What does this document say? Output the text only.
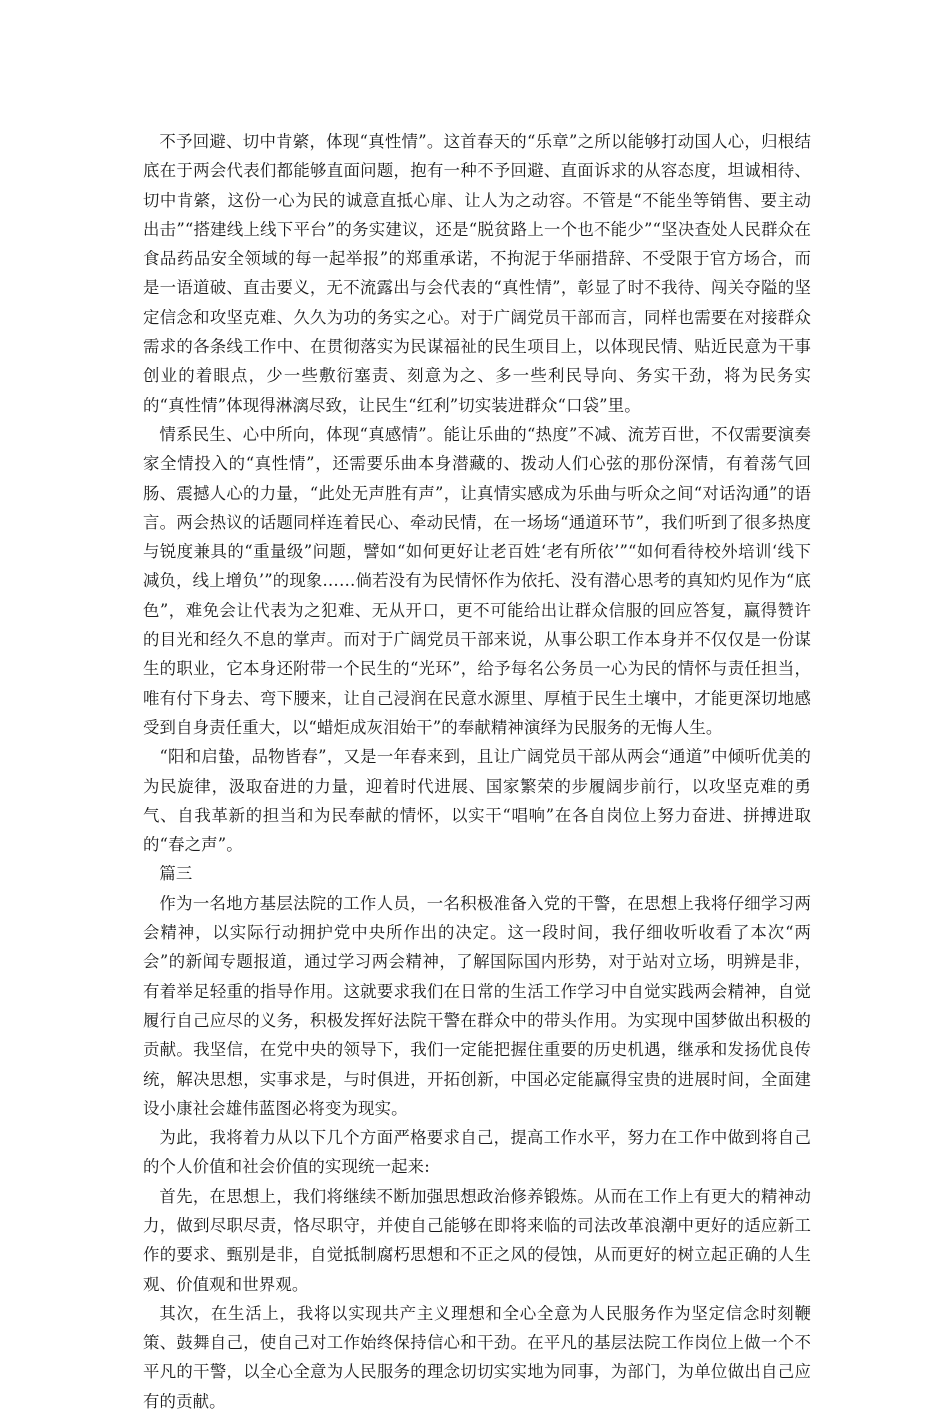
不予回避、切中肯綮，体现“真性情”。这首春天的“乐章”之所以能够打动国人心，归根结底在于两会代表们都能够直面问题，抱有一种不予回避、直面诉求的从容态度，坦诚相待、切中肯綮，这份一心为民的诚意直抵心扉、让人为之动容。不管是“不能坐等销售、要主动出击”“搭建线上线下平台”的务实建议，还是“脱贫路上一个也不能少”“坚决查处人民群众在食品药品安全领域的每一起举报”的郑重承诺，不拘泥于华丽措辞、不受限于官方场合，而是一语道破、直击要义，无不流露出与会代表的“真性情”，彰显了时不我待、闯关夺隘的坚定信念和攻坚克难、久久为功的务实之心。对于广阔党员干部而言，同样也需要在对接群众需求的各条线工作中、在贯彻落实为民谋福祉的民生项目上，以体现民情、贴近民意为干事创业的着眼点，少一些敷衍塞责、刻意为之、多一些利民导向、务实干劲，将为民务实的“真性情”体现得淋漓尽致，让民生“红利”切实装进群众“口袋”里。

情系民生、心中所向，体现“真感情”。能让乐曲的“热度”不减、流芳百世，不仅需要演奏家全情投入的“真性情”，还需要乐曲本身潜藏的、拨动人们心弦的那份深情，有着荡气回肠、震撼人心的力量，“此处无声胜有声”，让真情实感成为乐曲与听众之间“对话沟通”的语言。两会热议的话题同样连着民心、牵动民情，在一场场“通道环节”，我们听到了很多热度与锐度兼具的“重量级”问题，譬如“如何更好让老百姓‘老有所依’”“如何看待校外培训‘线下减负，线上增负’”的现象……倘若没有为民情怀作为依托、没有潜心思考的真知灼见作为“底色”，难免会让代表为之犯难、无从开口，更不可能给出让群众信服的回应答复，赢得赞许的目光和经久不息的掌声。而对于广阔党员干部来说，从事公职工作本身并不仅仅是一份谋生的职业，它本身还附带一个民生的“光环”，给予每名公务员一心为民的情怀与责任担当，唯有付下身去、弯下腰来，让自己浸润在民意水源里、厚植于民生土壤中，才能更深切地感受到自身责任重大，以“蜡炬成灰泪始干”的奉献精神演绎为民服务的无悔人生。

“阳和启蛰，品物皆春”，又是一年春来到，且让广阔党员干部从两会“通道”中倾听优美的为民旋律，汲取奋进的力量，迎着时代进展、国家繁荣的步履阔步前行，以攻坚克难的勇气、自我革新的担当和为民奉献的情怀，以实干“唱响”在各自岗位上努力奋进、拼搏进取的“春之声”。

篇三

作为一名地方基层法院的工作人员，一名积极准备入党的干警，在思想上我将仔细学习两会精神，以实际行动拥护党中央所作出的决定。这一段时间，我仔细收听收看了本次“两会”的新闻专题报道，通过学习两会精神，了解国际国内形势，对于站对立场，明辨是非，有着举足轻重的指导作用。这就要求我们在日常的生活工作学习中自觉实践两会精神，自觉履行自己应尽的义务，积极发挥好法院干警在群众中的带头作用。为实现中国梦做出积极的贡献。我坚信，在党中央的领导下，我们一定能把握住重要的历史机遇，继承和发扬优良传统，解决思想，实事求是，与时俱进，开拓创新，中国必定能赢得宝贵的进展时间，全面建设小康社会雄伟蓝图必将变为现实。

为此，我将着力从以下几个方面严格要求自己，提高工作水平，努力在工作中做到将自己的个人价值和社会价值的实现统一起来:

首先，在思想上，我们将继续不断加强思想政治修养锻炼。从而在工作上有更大的精神动力，做到尽职尽责，恪尽职守，并使自己能够在即将来临的司法改革浪潮中更好的适应新工作的要求、甄别是非，自觉抵制腐朽思想和不正之风的侵蚀，从而更好的树立起正确的人生观、价值观和世界观。

其次，在生活上，我将以实现共产主义理想和全心全意为人民服务作为坚定信念时刻鞭策、鼓舞自己，使自己对工作始终保持信心和干劲。在平凡的基层法院工作岗位上做一个不平凡的干警，以全心全意为人民服务的理念切切实实地为同事，为部门，为单位做出自己应有的贡献。
